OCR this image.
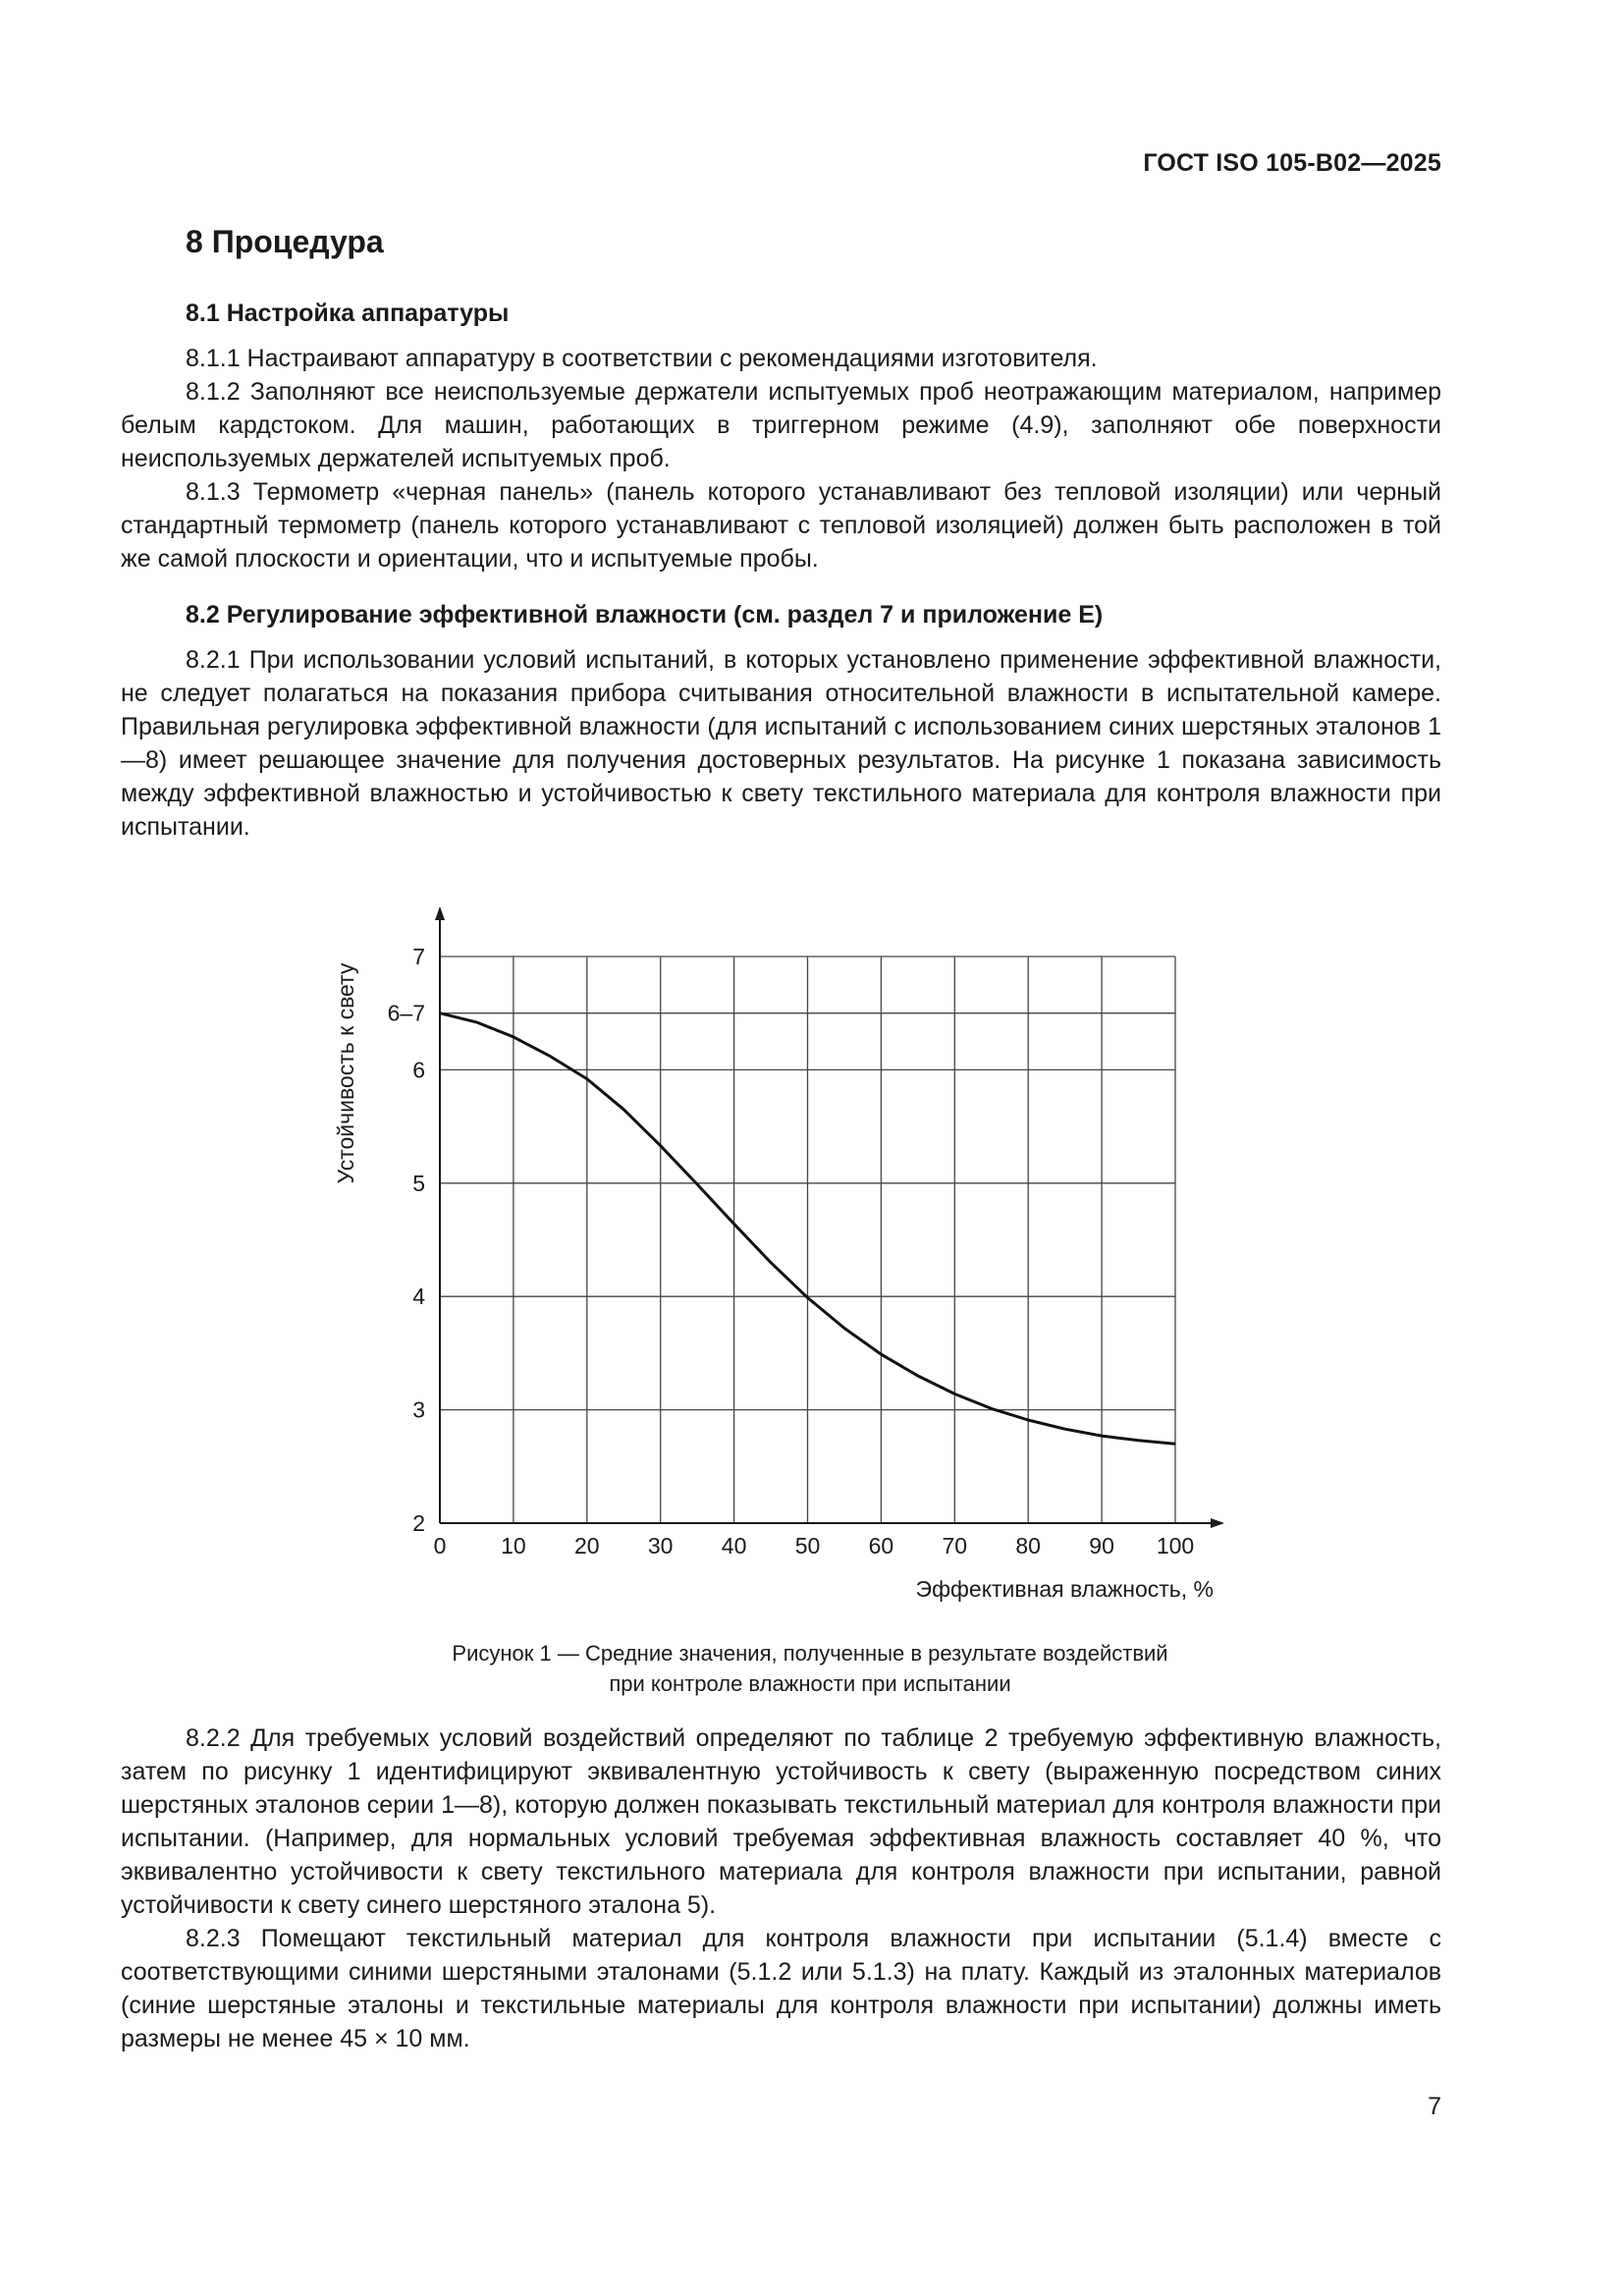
ГОСТ ISO 105-B02—2025
8 Процедура
8.1 Настройка аппаратуры

8.1.1 Настраивают аппаратуру в соответствии с рекомендациями изготовителя.

8.1.2 Заполняют все неиспользуемые держатели испытуемых проб неотражающим материалом, например белым кардстоком. Для машин, работающих в триггерном режиме (4.9), заполняют обе поверхности неиспользуемых держателей испытуемых проб.

8.1.3 Термометр «черная панель» (панель которого устанавливают без тепловой изоляции) или черный стандартный термометр (панель которого устанавливают с тепловой изоляцией) должен быть расположен в той же самой плоскости и ориентации, что и испытуемые пробы.

8.2 Регулирование эффективной влажности (см. раздел 7 и приложение Е)

8.2.1 При использовании условий испытаний, в которых установлено применение эффективной влажности, не следует полагаться на показания прибора считывания относительной влажности в испытательной камере. Правильная регулировка эффективной влажности (для испытаний с использованием синих шерстяных эталонов 1—8) имеет решающее значение для получения достоверных результатов. На рисунке 1 показана зависимость между эффективной влажностью и устойчивостью к свету текстильного материала для контроля влажности при испытании.

8.2.2 Для требуемых условий воздействий определяют по таблице 2 требуемую эффективную влажность, затем по рисунку 1 идентифицируют эквивалентную устойчивость к свету (выраженную посредством синих шерстяных эталонов серии 1—8), которую должен показывать текстильный материал для контроля влажности при испытании. (Например, для нормальных условий требуемая эффективная влажность составляет 40 %, что эквивалентно устойчивости к свету текстильного материала для контроля влажности при испытании, равной устойчивости к свету синего шерстяного эталона 5).

8.2.3 Помещают текстильный материал для контроля влажности при испытании (5.1.4) вместе с соответствующими синими шерстяными эталонами (5.1.2 или 5.1.3) на плату. Каждый из эталонных материалов (синие шерстяные эталоны и текстильные материалы для контроля влажности при испытании) должны иметь размеры не менее 45 × 10 мм.

0 10 20 30 40 50 60 70 80 90 100
2
3
4
5
6
6–7
7
Эффективная влажность, %
Устойчивость к свету
Рисунок 1 — Средние значения, полученные в результате воздействий
при контроле влажности при испытании
7
